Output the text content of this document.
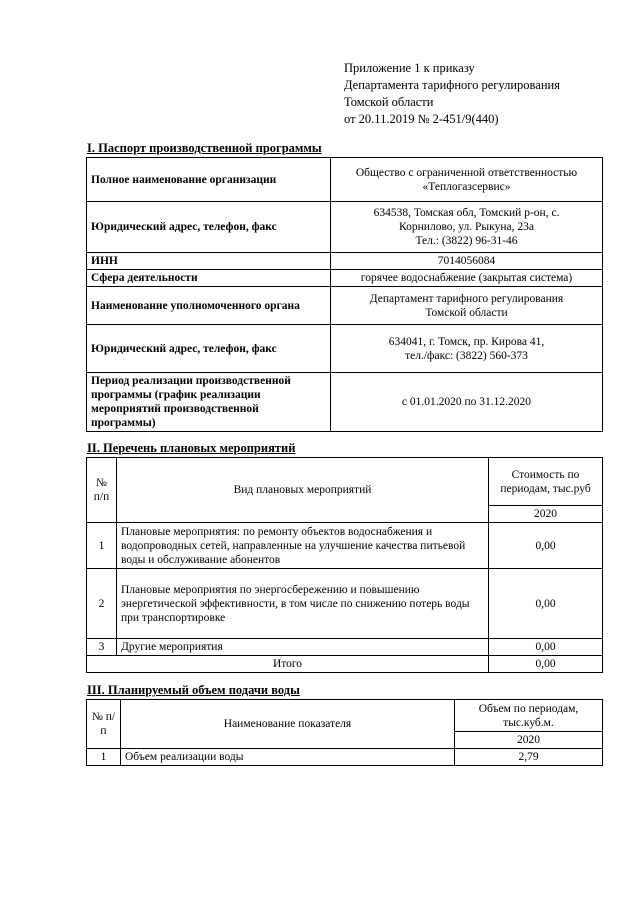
Приложение 1 к приказу
Департамента тарифного регулирования
Томской области
от 20.11.2019 № 2-451/9(440)
I. Паспорт производственной программы
Полное наименование организации	Общество с ограниченной ответственностью
«Теплогазсервис»

Юридический адрес, телефон, факс	634538, Томская обл, Томский р-он, с.
Корнилово, ул. Рыкуна, 23а
Тел.: (3822) 96-31-46

ИНН	7014056084
Сфера деятельности	горячее водоснабжение (закрытая система)
Наименование уполномоченного органа	Департамент тарифного регулирования
Томской области

Юридический адрес, телефон, факс	634041, г. Томск, пр. Кирова 41,
тел./факс: (3822) 560-373

Период реализации производственной программы (график реализации мероприятий производственной программы)	с 01.01.2020 по 31.12.2020
II. Перечень плановых мероприятий
№ п/п	Вид плановых мероприятий	Стоимость по периодам, тыс.руб
		2020
1	Плановые мероприятия: по ремонту объектов водоснабжения и водопроводных сетей, направленные на улучшение качества питьевой воды и обслуживание абонентов	0,00
2	Плановые мероприятия по энергосбережению и повышению энергетической эффективности, в том числе по снижению потерь воды при транспортировке	0,00
3	Другие мероприятия	0,00
Итого		0,00
III. Планируемый объем подачи воды
№ п/п	Наименование показателя	Объем по периодам, тыс.куб.м.
		2020
1	Объем реализации воды	2,79
